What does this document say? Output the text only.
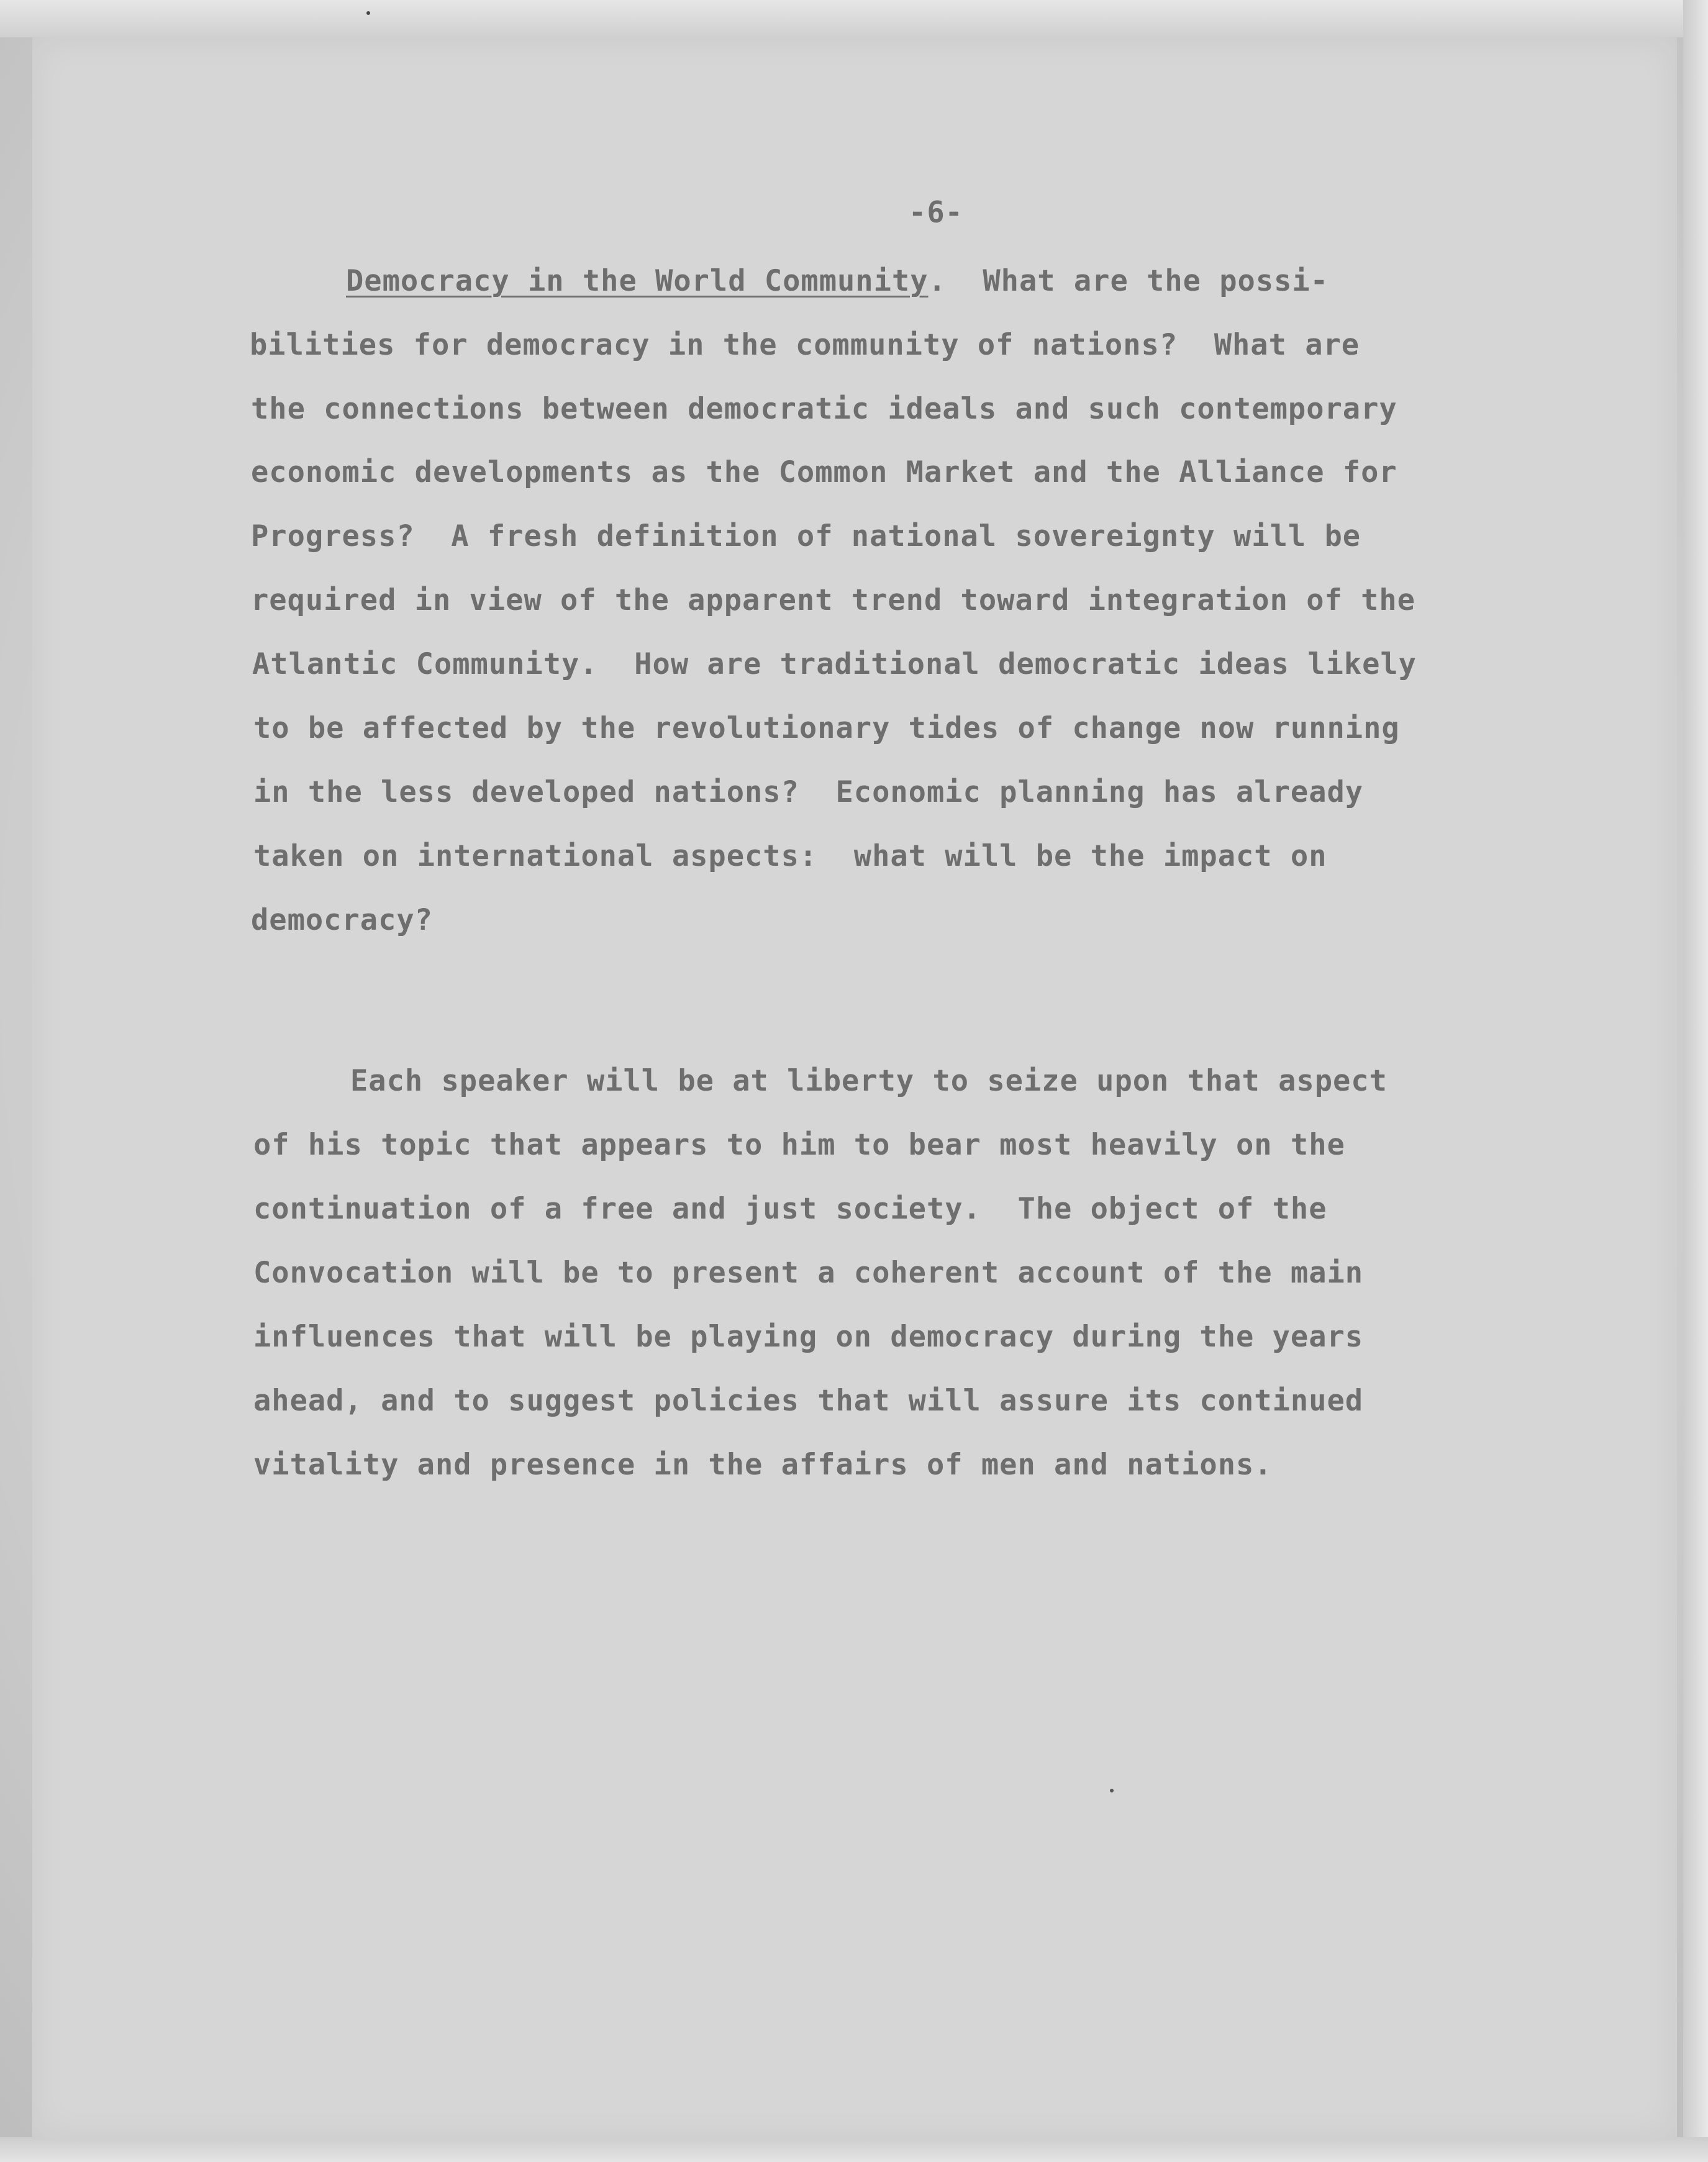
-6-
Democracy in the World Community.  What are the possi-
bilities for democracy in the community of nations?  What are
the connections between democratic ideals and such contemporary
economic developments as the Common Market and the Alliance for
Progress?  A fresh definition of national sovereignty will be
required in view of the apparent trend toward integration of the
Atlantic Community.  How are traditional democratic ideas likely
to be affected by the revolutionary tides of change now running
in the less developed nations?  Economic planning has already
taken on international aspects:  what will be the impact on
democracy?
Each speaker will be at liberty to seize upon that aspect
of his topic that appears to him to bear most heavily on the
continuation of a free and just society.  The object of the
Convocation will be to present a coherent account of the main
influences that will be playing on democracy during the years
ahead, and to suggest policies that will assure its continued
vitality and presence in the affairs of men and nations.
